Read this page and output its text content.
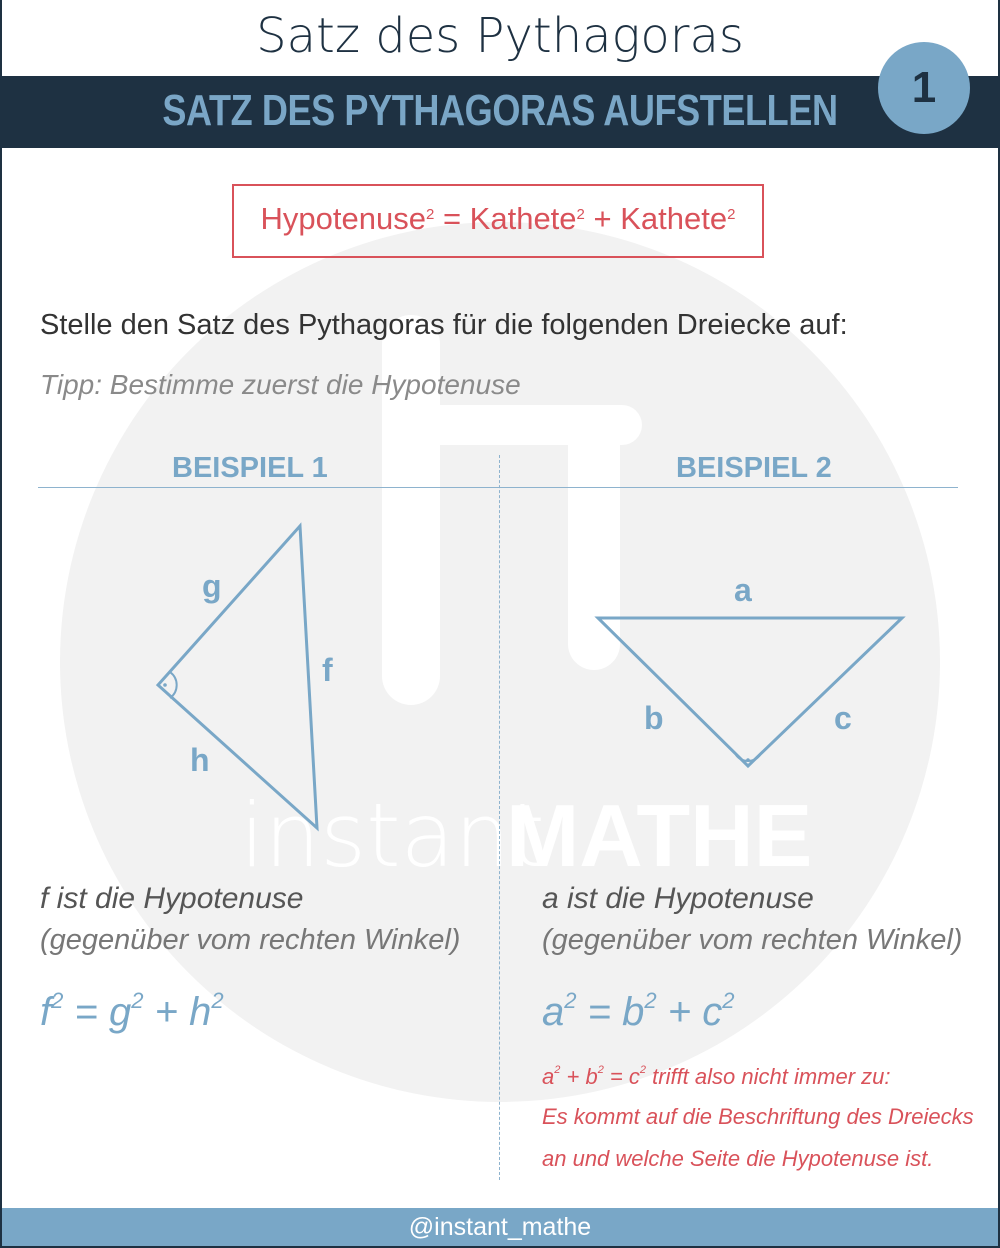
instant
MATHE
Satz des Pythagoras
SATZ DES PYTHAGORAS AUFSTELLEN	1
Hypotenuse$^2$ = Kathete$^2$ + Kathete$^2$
Stelle den Satz des Pythagoras für die folgenden Dreiecke auf:
Tipp: Bestimme zuerst die Hypotenuse
BEISPIEL 1	BEISPIEL 2
g
f
h
a
b	c
f ist die Hypotenuse
(gegenüber vom rechten Winkel)
$f^2 = g^2 + h^2$
a ist die Hypotenuse
(gegenüber vom rechten Winkel)
$a^2 = b^2 + c^2$
$a^2 + b^2 = c^2$ trifft also nicht immer zu:
Es kommt auf die Beschriftung des Dreiecks
an und welche Seite die Hypotenuse ist.
@instant_mathe
